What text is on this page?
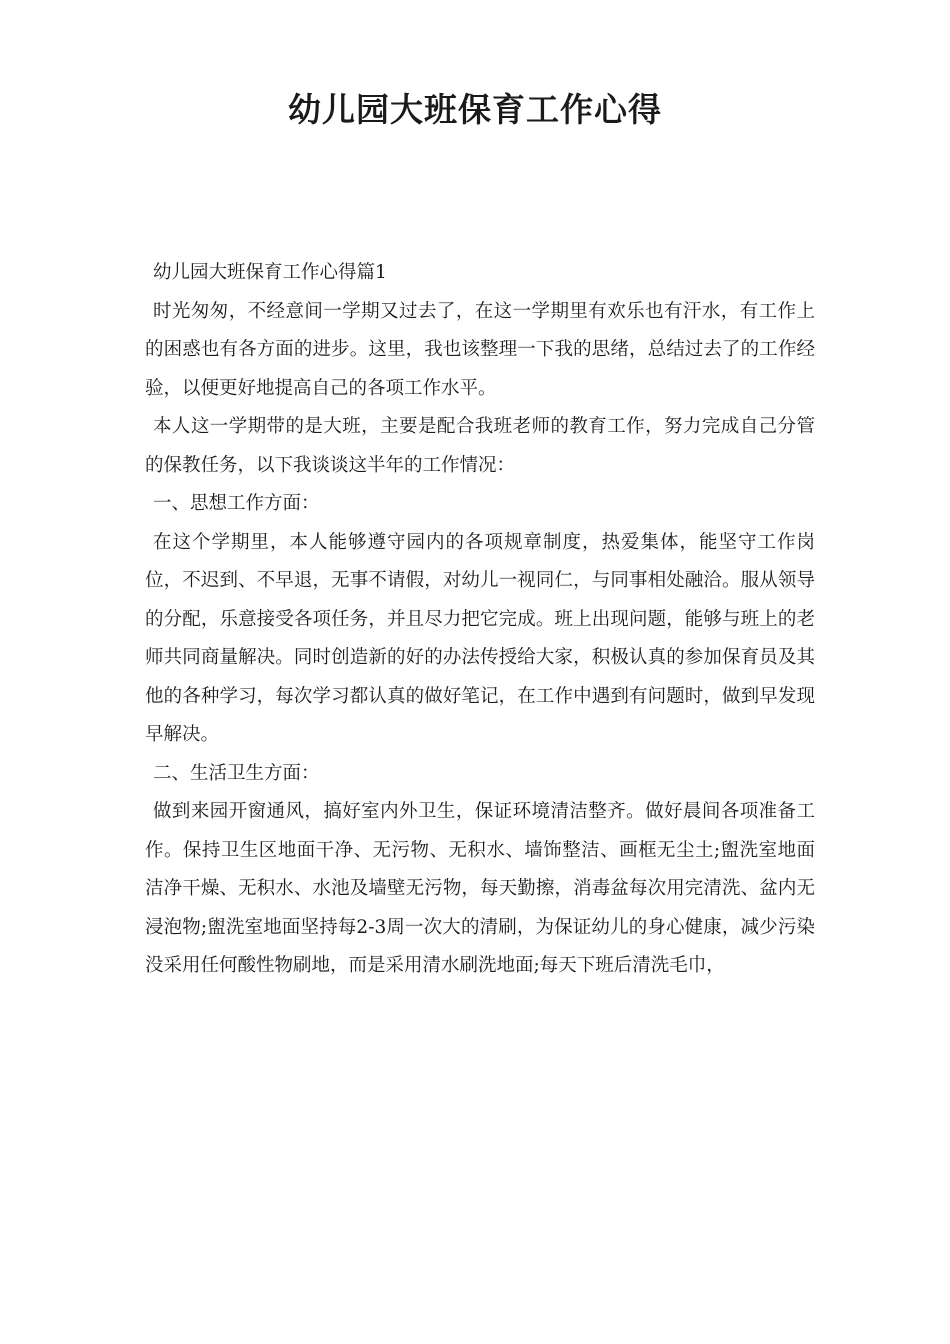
幼儿园大班保育工作心得

幼儿园大班保育工作心得篇1

时光匆匆，不经意间一学期又过去了，在这一学期里有欢乐也有汗水，有工作上的困惑也有各方面的进步。这里，我也该整理一下我的思绪，总结过去了的工作经验，以便更好地提高自己的各项工作水平。

本人这一学期带的是大班，主要是配合我班老师的教育工作，努力完成自己分管的保教任务，以下我谈谈这半年的工作情况：

一、思想工作方面：

在这个学期里，本人能够遵守园内的各项规章制度，热爱集体，能坚守工作岗位，不迟到、不早退，无事不请假，对幼儿一视同仁，与同事相处融洽。服从领导的分配，乐意接受各项任务，并且尽力把它完成。班上出现问题，能够与班上的老师共同商量解决。同时创造新的好的办法传授给大家，积极认真的参加保育员及其他的各种学习，每次学习都认真的做好笔记，在工作中遇到有问题时，做到早发现早解决。

二、生活卫生方面：

做到来园开窗通风，搞好室内外卫生，保证环境清洁整齐。做好晨间各项准备工作。保持卫生区地面干净、无污物、无积水、墙饰整洁、画框无尘土;盥洗室地面洁净干燥、无积水、水池及墙壁无污物，每天勤擦，消毒盆每次用完清洗、盆内无浸泡物;盥洗室地面坚持每2-3周一次大的清刷，为保证幼儿的身心健康，减少污染没采用任何酸性物刷地，而是采用清水刷洗地面;每天下班后清洗毛巾，
